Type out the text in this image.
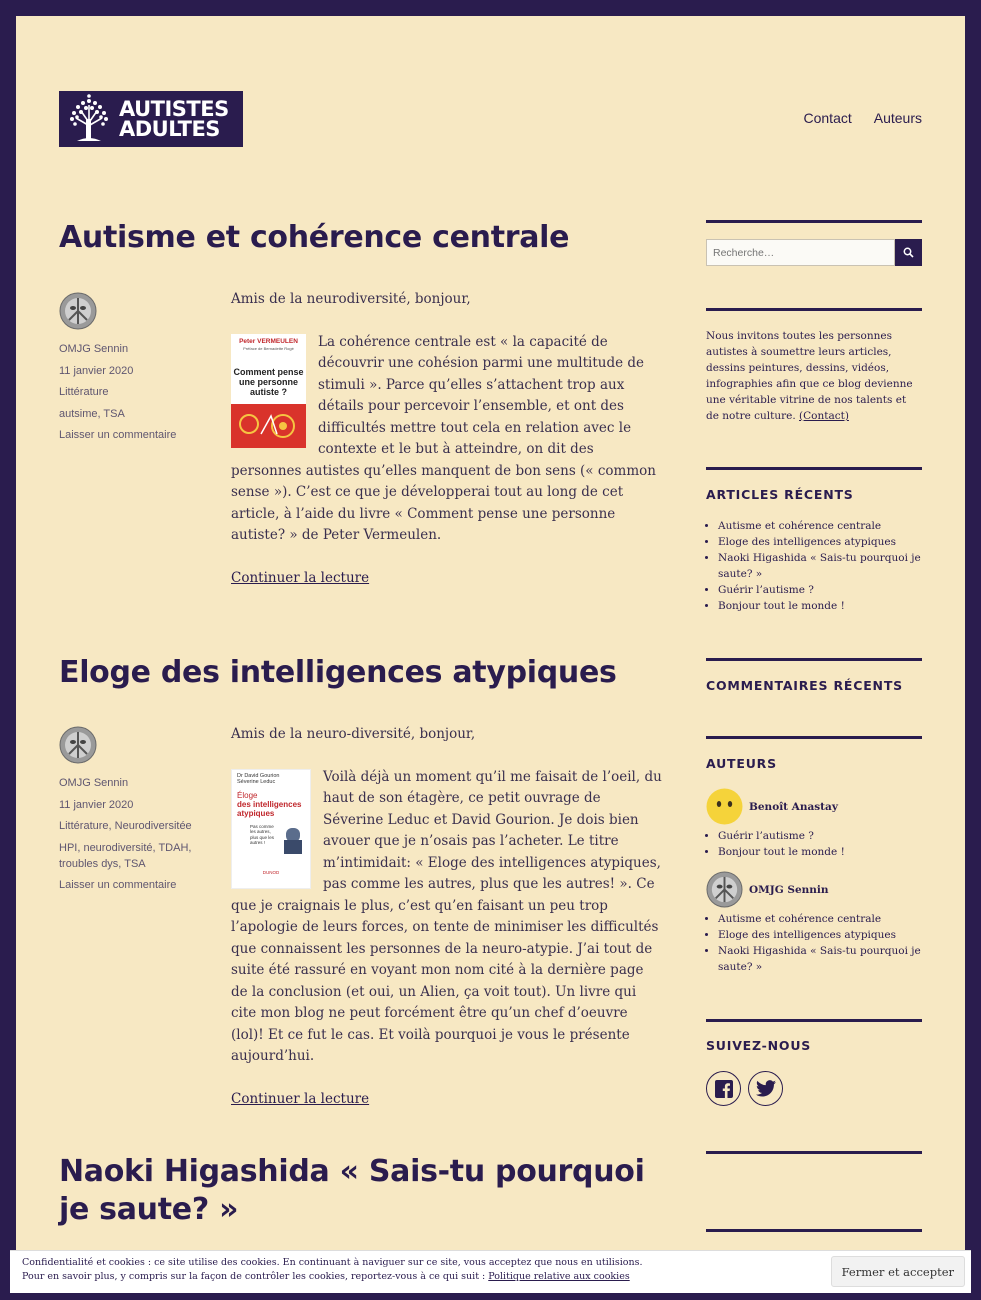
AUTISTES
ADULTES	Contact Auteurs
Autisme et cohérence centrale
OMJG Sennin
11 janvier 2020
Littérature
autsime, TSA
Laisser un commentaire

Amis de la neurodiversité, bonjour,

Peter VERMEULEN
Préface de Bernadette Rogé
Comment pense une personne autiste ?

La cohérence centrale est « la capacité de découvrir une cohésion parmi une multitude de stimuli ». Parce qu’elles s’attachent trop aux détails pour percevoir l’ensemble, et ont des difficultés mettre tout cela en relation avec le contexte et le but à atteindre, on dit des personnes autistes qu’elles manquent de bon sens (« common sense »). C’est ce que je développerai tout au long de cet article, à l’aide du livre « Comment pense une personne autiste? » de Peter Vermeulen.

Continuer la lecture
Eloge des intelligences atypiques
OMJG Sennin
11 janvier 2020
Littérature, Neurodiversitée
HPI, neurodiversité, TDAH, troubles dys, TSA
Laisser un commentaire

Amis de la neuro-diversité, bonjour,

Dr David Gourion
Séverine Leduc
Éloge
des intelligences atypiques
Pas comme les autres, plus que les autres !
DUNOD

Voilà déjà un moment qu’il me faisait de l’oeil, du haut de son étagère, ce petit ouvrage de Séverine Leduc et David Gourion. Je dois bien avouer que je n’osais pas l’acheter. Le titre m’intimidait: « Eloge des intelligences atypiques, pas comme les autres, plus que les autres! ». Ce que je craignais le plus, c’est qu’en faisant un peu trop l’apologie de leurs forces, on tente de minimiser les difficultés que connaissent les personnes de la neuro-atypie. J’ai tout de suite été rassuré en voyant mon nom cité à la dernière page de la conclusion (et oui, un Alien, ça voit tout). Un livre qui cite mon blog ne peut forcément être qu’un chef d’oeuvre (lol)! Et ce fut le cas. Et voilà pourquoi je vous le présente aujourd’hui.

Continuer la lecture
Naoki Higashida « Sais-tu pourquoi je saute? »
Recherche…
Nous invitons toutes les personnes autistes à soumettre leurs articles, dessins peintures, dessins, vidéos, infographies afin que ce blog devienne une véritable vitrine de nos talents et de notre culture. (Contact)
ARTICLES RÉCENTS
• Autisme et cohérence centrale
• Eloge des intelligences atypiques
• Naoki Higashida « Sais-tu pourquoi je saute? »
• Guérir l’autisme ?
• Bonjour tout le monde !
COMMENTAIRES RÉCENTS
AUTEURS
Benoît Anastay
• Guérir l’autisme ?
• Bonjour tout le monde !
OMJG Sennin
• Autisme et cohérence centrale
• Eloge des intelligences atypiques
• Naoki Higashida « Sais-tu pourquoi je saute? »
SUIVEZ-NOUS
Confidentialité et cookies : ce site utilise des cookies. En continuant à naviguer sur ce site, vous acceptez que nous en utilisions.
Pour en savoir plus, y compris sur la façon de contrôler les cookies, reportez-vous à ce qui suit : Politique relative aux cookies	Fermer et accepter
